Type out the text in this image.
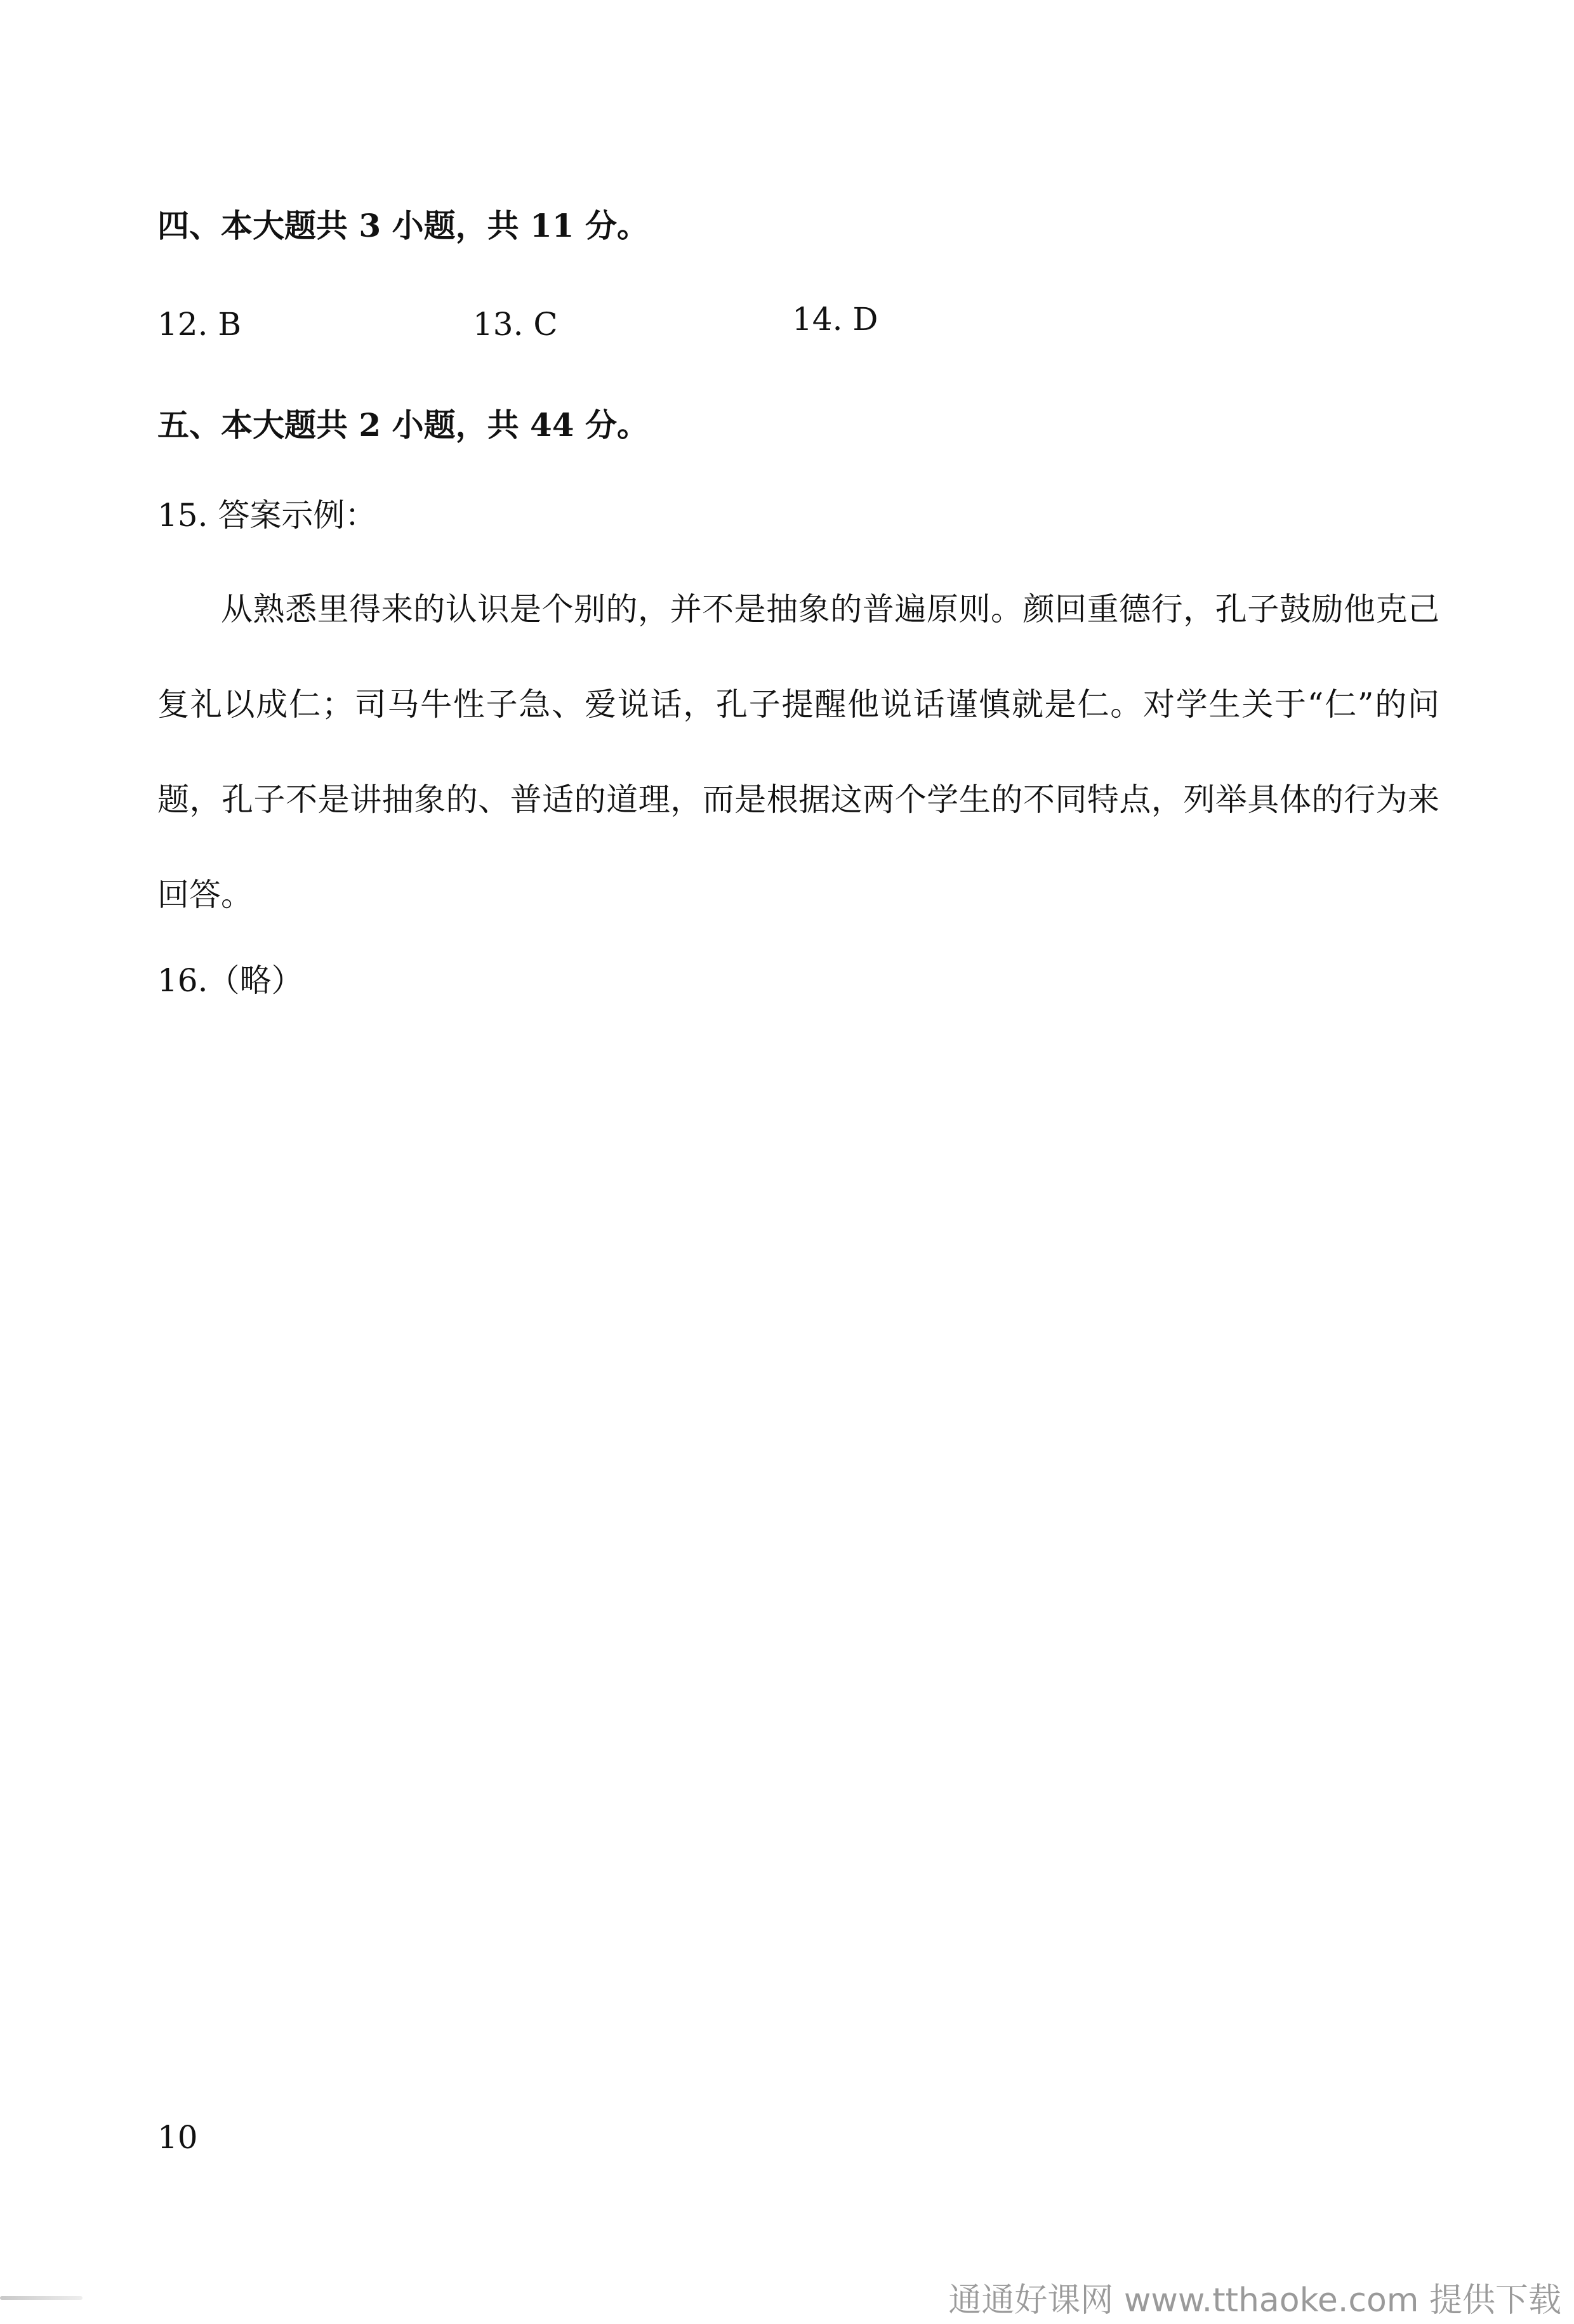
四、本大题共 3 小题，共 11 分。
12. B	13. C	14. D
五、本大题共 2 小题，共 44 分。
15. 答案示例：
从熟悉里得来的认识是个别的，并不是抽象的普遍原则。颜回重德行，孔子鼓励他克己复礼以成仁；司马牛性子急、爱说话，孔子提醒他说话谨慎就是仁。对学生关于“仁”的问题，孔子不是讲抽象的、普适的道理，而是根据这两个学生的不同特点，列举具体的行为来回答。
16.（略）
10
通通好课网 www.tthaoke.com 提供下载
